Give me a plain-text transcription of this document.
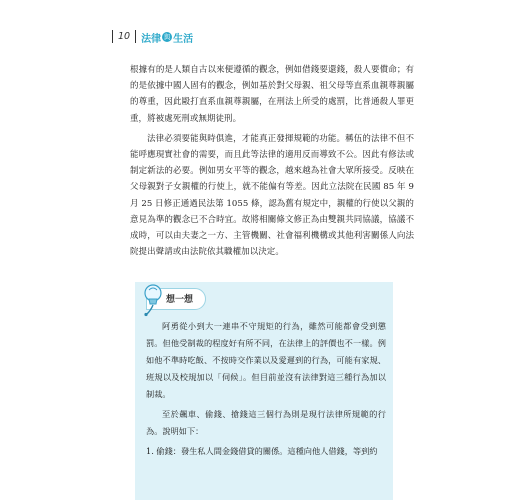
10 法律 與 生活

根據有的是人類自古以來便遵循的觀念，例如借錢要還錢，殺人要償命；有的是依據中國人固有的觀念，例如基於對父母親、祖父母等直系血親尊親屬的尊重，因此毆打直系血親尊親屬，在刑法上所受的處罰，比普通殺人罪更重，將被處死刑或無期徒刑。

法律必須要能與時俱進，才能真正發揮規範的功能。稱伍的法律不但不能呼應現實社會的需要，而且此等法律的適用反而導致不公。因此有修法或制定新法的必要。例如男女平等的觀念，越來越為社會大眾所接受。反映在父母親對子女親權的行使上，就不能偏有等差。因此立法院在民國 85 年 9 月 25 日修正通過民法第 1055 條，認為舊有規定中，親權的行使以父親的意見為準的觀念已不合時宜。故將相關條文修正為由雙親共同協議，協議不成時，可以由夫妻之一方、主管機關、社會福利機構或其他利害關係人向法院提出聲請或由法院依其職權加以決定。

想一想

阿勇從小到大一連串不守規矩的行為，雖然可能都會受到懲罰。但他受制裁的程度好有所不同，在法律上的評價也不一樣。例如他不準時吃飯、不按時交作業以及愛遲到的行為，可能有家規、班規以及校規加以「伺候」。但目前並沒有法律對這三種行為加以制裁。

至於飆車、偷錢、搶錢這三個行為則是現行法律所規範的行為。說明如下：

1. 偷錢：發生私人間金錢借貸的關係。這種向他人借錢，等到約
